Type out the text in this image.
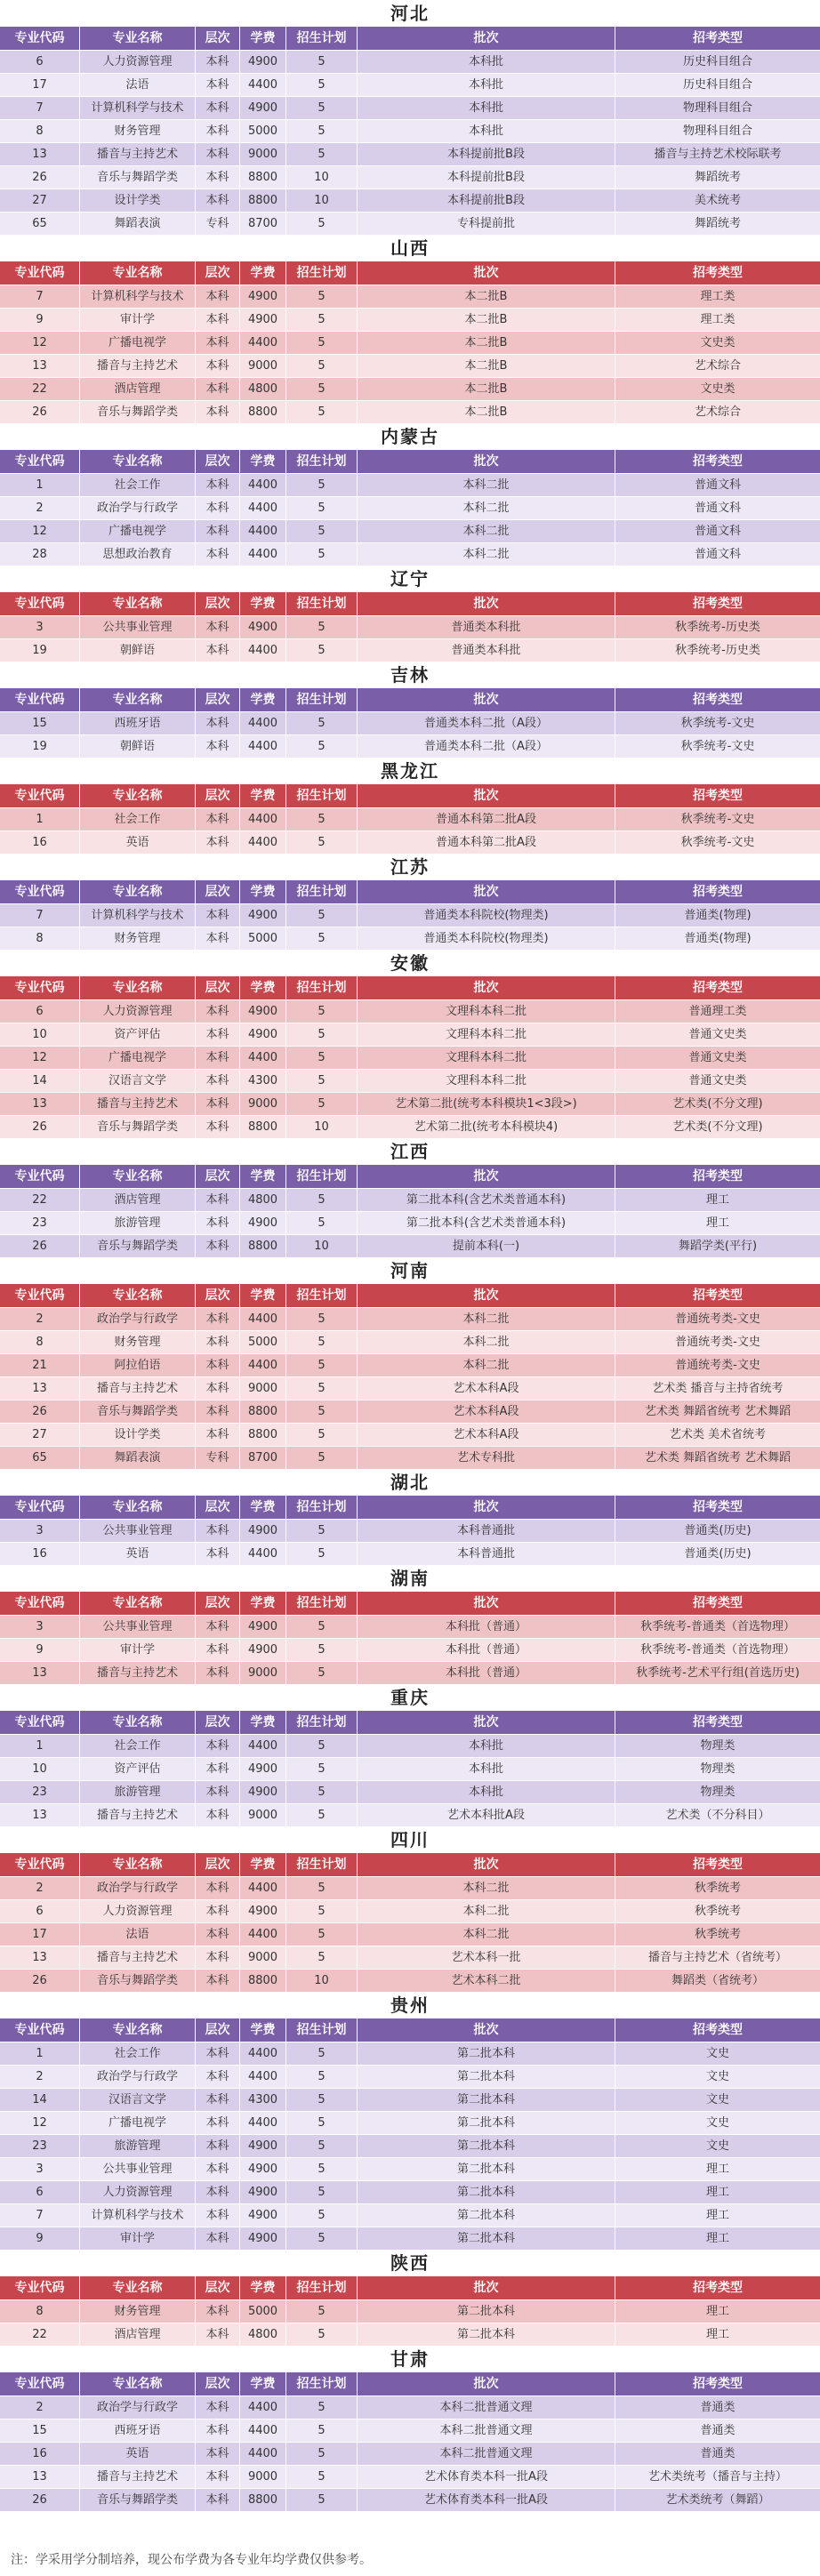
河北
专业代码	专业名称	层次	学费	招生计划	批次	招考类型
6	人力资源管理	本科	4900	5	本科批	历史科目组合
17	法语	本科	4400	5	本科批	历史科目组合
7	计算机科学与技术	本科	4900	5	本科批	物理科目组合
8	财务管理	本科	5000	5	本科批	物理科目组合
13	播音与主持艺术	本科	9000	5	本科提前批B段	播音与主持艺术校际联考
26	音乐与舞蹈学类	本科	8800	10	本科提前批B段	舞蹈统考
27	设计学类	本科	8800	10	本科提前批B段	美术统考
65	舞蹈表演	专科	8700	5	专科提前批	舞蹈统考
山西
专业代码	专业名称	层次	学费	招生计划	批次	招考类型
7	计算机科学与技术	本科	4900	5	本二批B	理工类
9	审计学	本科	4900	5	本二批B	理工类
12	广播电视学	本科	4400	5	本二批B	文史类
13	播音与主持艺术	本科	9000	5	本二批B	艺术综合
22	酒店管理	本科	4800	5	本二批B	文史类
26	音乐与舞蹈学类	本科	8800	5	本二批B	艺术综合
内蒙古
专业代码	专业名称	层次	学费	招生计划	批次	招考类型
1	社会工作	本科	4400	5	本科二批	普通文科
2	政治学与行政学	本科	4400	5	本科二批	普通文科
12	广播电视学	本科	4400	5	本科二批	普通文科
28	思想政治教育	本科	4400	5	本科二批	普通文科
辽宁
专业代码	专业名称	层次	学费	招生计划	批次	招考类型
3	公共事业管理	本科	4900	5	普通类本科批	秋季统考-历史类
19	朝鲜语	本科	4400	5	普通类本科批	秋季统考-历史类
吉林
专业代码	专业名称	层次	学费	招生计划	批次	招考类型
15	西班牙语	本科	4400	5	普通类本科二批（A段）	秋季统考-文史
19	朝鲜语	本科	4400	5	普通类本科二批（A段）	秋季统考-文史
黑龙江
专业代码	专业名称	层次	学费	招生计划	批次	招考类型
1	社会工作	本科	4400	5	普通本科第二批A段	秋季统考-文史
16	英语	本科	4400	5	普通本科第二批A段	秋季统考-文史
江苏
专业代码	专业名称	层次	学费	招生计划	批次	招考类型
7	计算机科学与技术	本科	4900	5	普通类本科院校(物理类)	普通类(物理)
8	财务管理	本科	5000	5	普通类本科院校(物理类)	普通类(物理)
安徽
专业代码	专业名称	层次	学费	招生计划	批次	招考类型
6	人力资源管理	本科	4900	5	文理科本科二批	普通理工类
10	资产评估	本科	4900	5	文理科本科二批	普通文史类
12	广播电视学	本科	4400	5	文理科本科二批	普通文史类
14	汉语言文学	本科	4300	5	文理科本科二批	普通文史类
13	播音与主持艺术	本科	9000	5	艺术第二批(统考本科模块1<3段>)	艺术类(不分文理)
26	音乐与舞蹈学类	本科	8800	10	艺术第二批(统考本科模块4)	艺术类(不分文理)
江西
专业代码	专业名称	层次	学费	招生计划	批次	招考类型
22	酒店管理	本科	4800	5	第二批本科(含艺术类普通本科)	理工
23	旅游管理	本科	4900	5	第二批本科(含艺术类普通本科)	理工
26	音乐与舞蹈学类	本科	8800	10	提前本科(一)	舞蹈学类(平行)
河南
专业代码	专业名称	层次	学费	招生计划	批次	招考类型
2	政治学与行政学	本科	4400	5	本科二批	普通统考类-文史
8	财务管理	本科	5000	5	本科二批	普通统考类-文史
21	阿拉伯语	本科	4400	5	本科二批	普通统考类-文史
13	播音与主持艺术	本科	9000	5	艺术本科A段	艺术类 播音与主持省统考
26	音乐与舞蹈学类	本科	8800	5	艺术本科A段	艺术类 舞蹈省统考 艺术舞蹈
27	设计学类	本科	8800	5	艺术本科A段	艺术类 美术省统考
65	舞蹈表演	专科	8700	5	艺术专科批	艺术类 舞蹈省统考 艺术舞蹈
湖北
专业代码	专业名称	层次	学费	招生计划	批次	招考类型
3	公共事业管理	本科	4900	5	本科普通批	普通类(历史)
16	英语	本科	4400	5	本科普通批	普通类(历史)
湖南
专业代码	专业名称	层次	学费	招生计划	批次	招考类型
3	公共事业管理	本科	4900	5	本科批（普通）	秋季统考-普通类（首选物理）
9	审计学	本科	4900	5	本科批（普通）	秋季统考-普通类（首选物理）
13	播音与主持艺术	本科	9000	5	本科批（普通）	秋季统考-艺术平行组(首选历史)
重庆
专业代码	专业名称	层次	学费	招生计划	批次	招考类型
1	社会工作	本科	4400	5	本科批	物理类
10	资产评估	本科	4900	5	本科批	物理类
23	旅游管理	本科	4900	5	本科批	物理类
13	播音与主持艺术	本科	9000	5	艺术本科批A段	艺术类（不分科目）
四川
专业代码	专业名称	层次	学费	招生计划	批次	招考类型
2	政治学与行政学	本科	4400	5	本科二批	秋季统考
6	人力资源管理	本科	4900	5	本科二批	秋季统考
17	法语	本科	4400	5	本科二批	秋季统考
13	播音与主持艺术	本科	9000	5	艺术本科一批	播音与主持艺术（省统考）
26	音乐与舞蹈学类	本科	8800	10	艺术本科二批	舞蹈类（省统考）
贵州
专业代码	专业名称	层次	学费	招生计划	批次	招考类型
1	社会工作	本科	4400	5	第二批本科	文史
2	政治学与行政学	本科	4400	5	第二批本科	文史
14	汉语言文学	本科	4300	5	第二批本科	文史
12	广播电视学	本科	4400	5	第二批本科	文史
23	旅游管理	本科	4900	5	第二批本科	文史
3	公共事业管理	本科	4900	5	第二批本科	理工
6	人力资源管理	本科	4900	5	第二批本科	理工
7	计算机科学与技术	本科	4900	5	第二批本科	理工
9	审计学	本科	4900	5	第二批本科	理工
陕西
专业代码	专业名称	层次	学费	招生计划	批次	招考类型
8	财务管理	本科	5000	5	第二批本科	理工
22	酒店管理	本科	4800	5	第二批本科	理工
甘肃
专业代码	专业名称	层次	学费	招生计划	批次	招考类型
2	政治学与行政学	本科	4400	5	本科二批普通文理	普通类
15	西班牙语	本科	4400	5	本科二批普通文理	普通类
16	英语	本科	4400	5	本科二批普通文理	普通类
13	播音与主持艺术	本科	9000	5	艺术体育类本科一批A段	艺术类统考（播音与主持）
26	音乐与舞蹈学类	本科	8800	5	艺术体育类本科一批A段	艺术类统考（舞蹈）
注：学采用学分制培养，现公布学费为各专业年均学费仅供参考。
